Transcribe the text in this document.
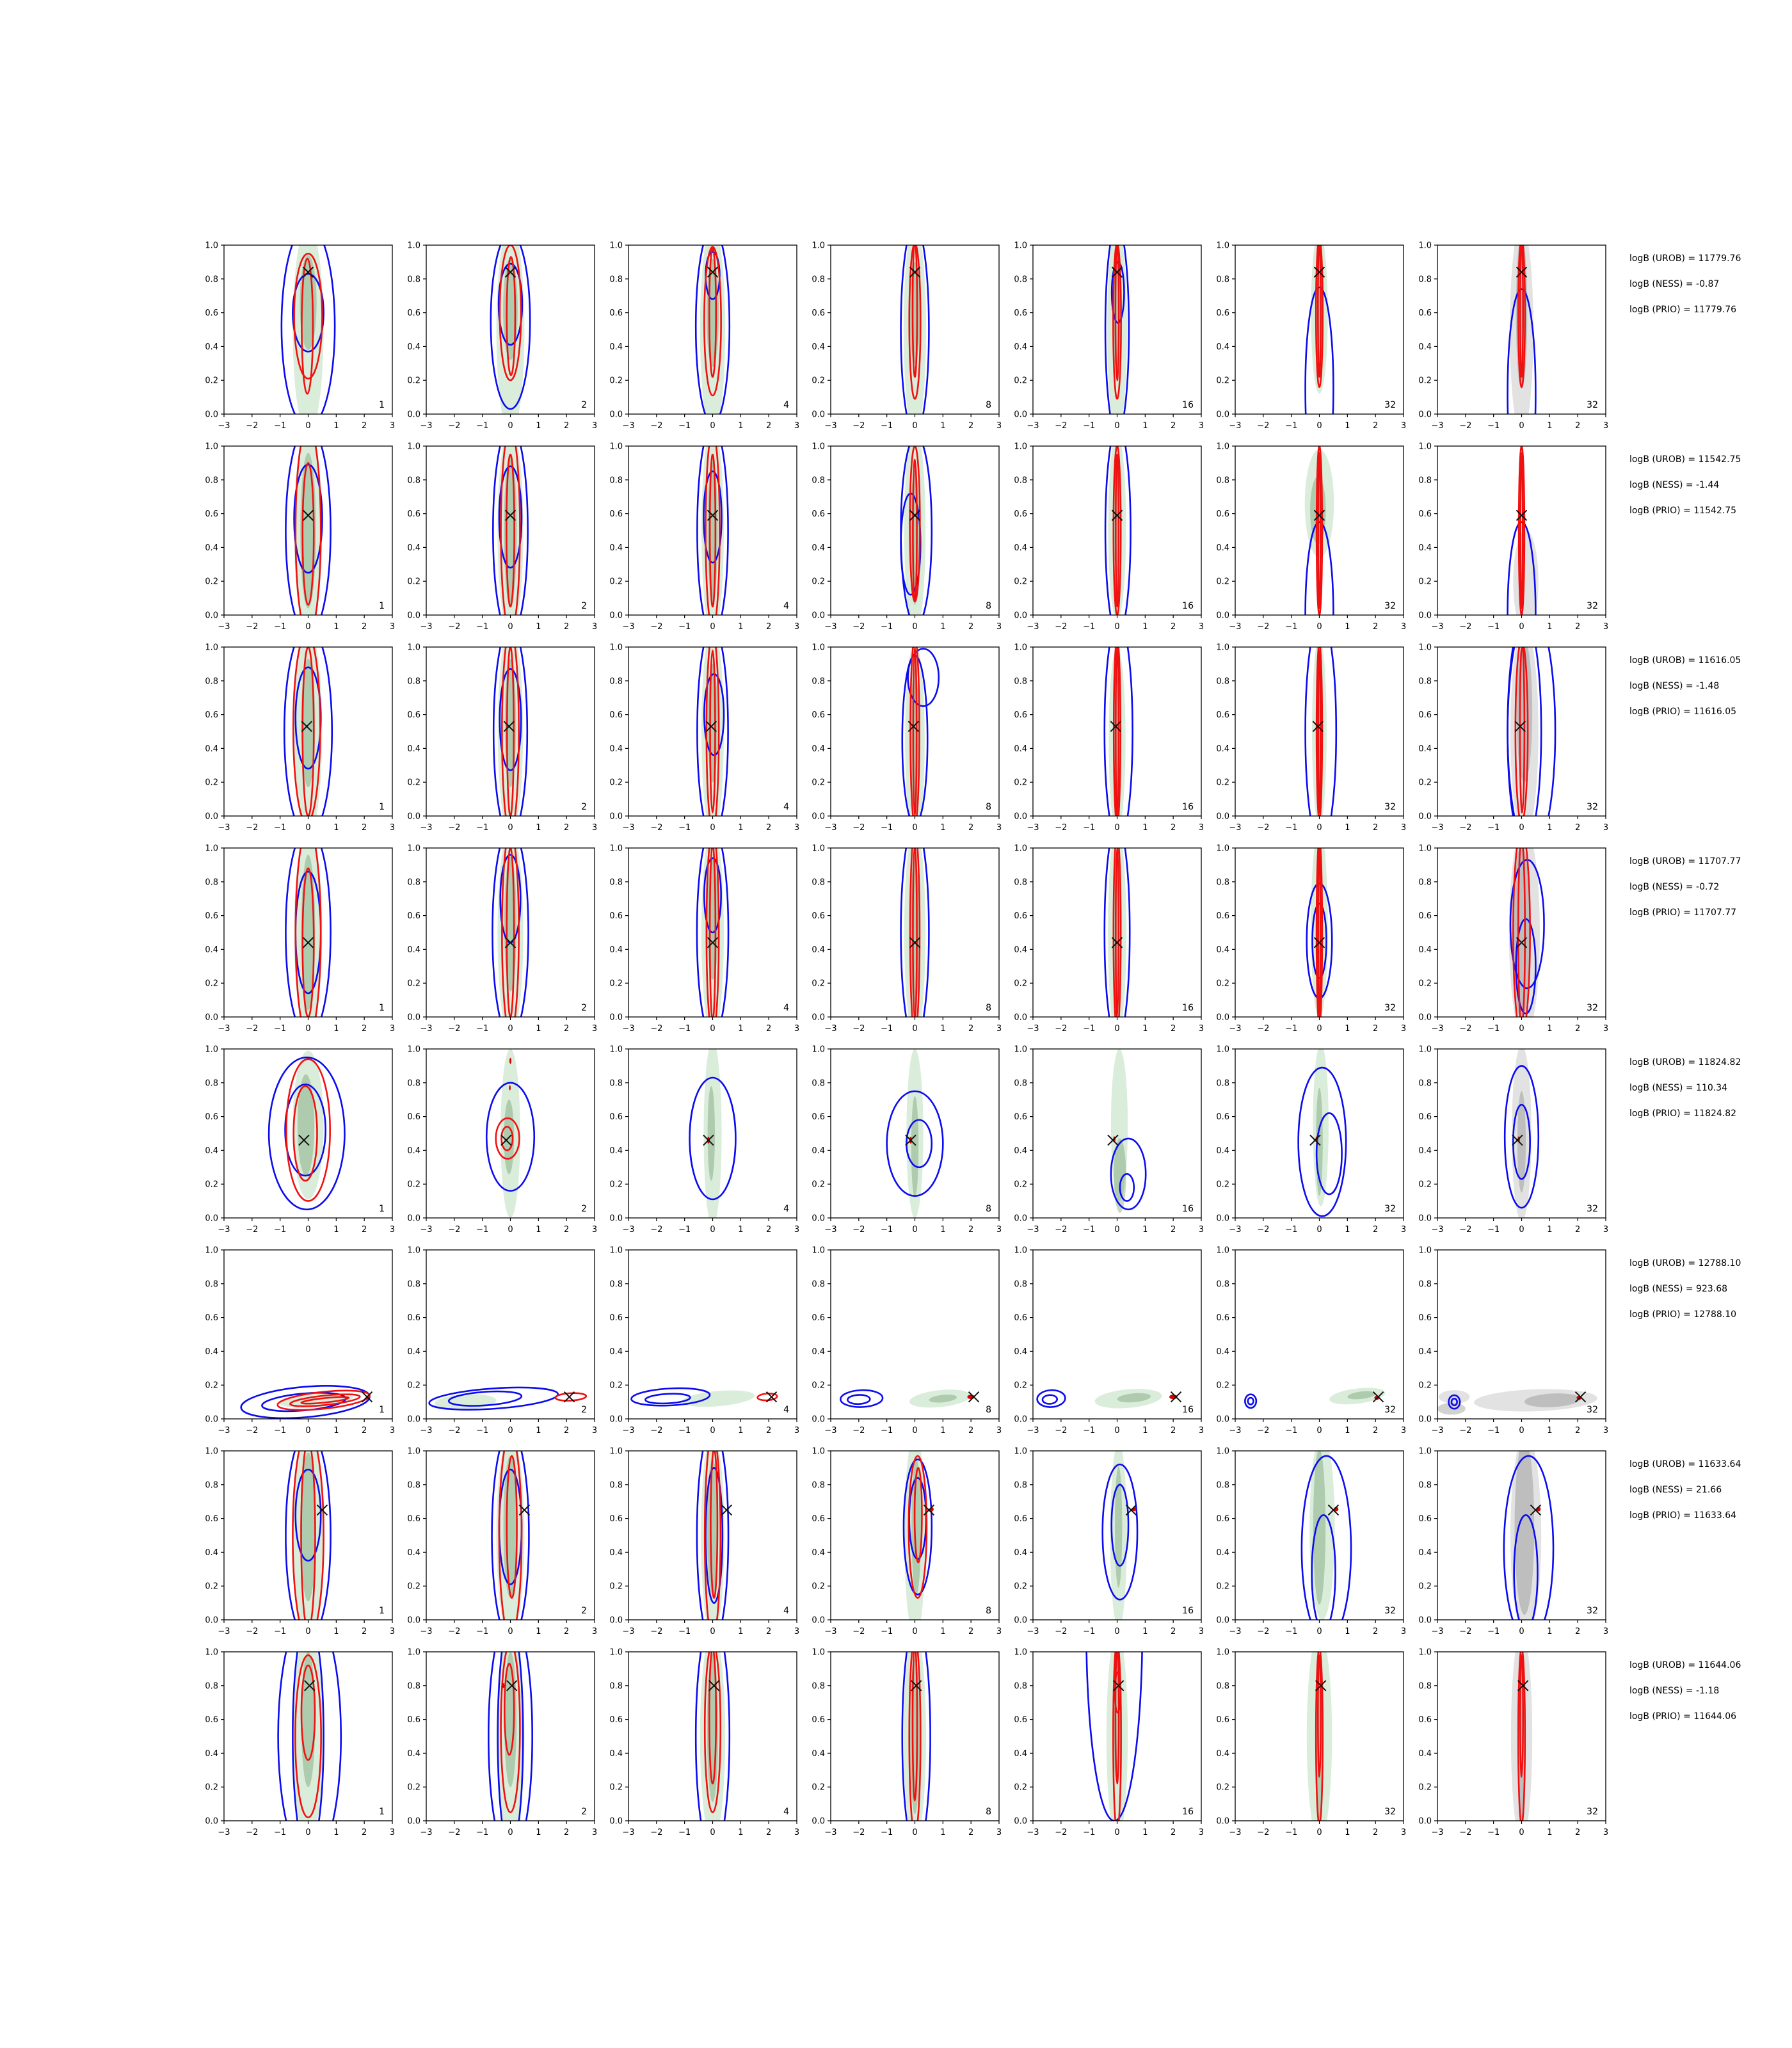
−3 −2 −1 0	1	2	3
0.0
0.2
0.4
0.6
0.8
1.0
1
−3 −2 −1 0	1	2	3
0.0
0.2
0.4
0.6
0.8
1.0
2
−3 −2 −1 0	1	2	3
0.0
0.2
0.4
0.6
0.8
1.0
4
−3 −2 −1 0	1	2	3
0.0
0.2
0.4
0.6
0.8
1.0
8
−3 −2 −1 0	1	2	3
0.0
0.2
0.4
0.6
0.8
1.0
16
−3 −2 −1 0	1	2	3
0.0
0.2
0.4
0.6
0.8
1.0
32
−3 −2 −1 0	1	2	3
0.0
0.2
0.4
0.6
0.8
1.0
32
−3 −2 −1 0	1	2	3
0.0
0.2
0.4
0.6
0.8
1.0
1
−3 −2 −1 0	1	2	3
0.0
0.2
0.4
0.6
0.8
1.0
2
−3 −2 −1 0	1	2	3
0.0
0.2
0.4
0.6
0.8
1.0
4
−3 −2 −1 0	1	2	3
0.0
0.2
0.4
0.6
0.8
1.0
8
−3 −2 −1 0	1	2	3
0.0
0.2
0.4
0.6
0.8
1.0
16
−3 −2 −1 0	1	2	3
0.0
0.2
0.4
0.6
0.8
1.0
32
−3 −2 −1 0	1	2	3
0.0
0.2
0.4
0.6
0.8
1.0
32
−3 −2 −1 0	1	2	3
0.0
0.2
0.4
0.6
0.8
1.0
1
−3 −2 −1 0	1	2	3
0.0
0.2
0.4
0.6
0.8
1.0
2
−3 −2 −1 0	1	2	3
0.0
0.2
0.4
0.6
0.8
1.0
4
−3 −2 −1 0	1	2	3
0.0
0.2
0.4
0.6
0.8
1.0
8
−3 −2 −1 0	1	2	3
0.0
0.2
0.4
0.6
0.8
1.0
16
−3 −2 −1 0	1	2	3
0.0
0.2
0.4
0.6
0.8
1.0
32
−3 −2 −1 0	1	2	3
0.0
0.2
0.4
0.6
0.8
1.0
32
−3 −2 −1 0	1	2	3
0.0
0.2
0.4
0.6
0.8
1.0
1
−3 −2 −1 0	1	2	3
0.0
0.2
0.4
0.6
0.8
1.0
2
−3 −2 −1 0	1	2	3
0.0
0.2
0.4
0.6
0.8
1.0
4
−3 −2 −1 0	1	2	3
0.0
0.2
0.4
0.6
0.8
1.0
8
−3 −2 −1 0	1	2	3
0.0
0.2
0.4
0.6
0.8
1.0
16
−3 −2 −1 0	1	2	3
0.0
0.2
0.4
0.6
0.8
1.0
32
−3 −2 −1 0	1	2	3
0.0
0.2
0.4
0.6
0.8
1.0
32
−3 −2 −1 0	1	2	3
0.0
0.2
0.4
0.6
0.8
1.0
1
−3 −2 −1 0	1	2	3
0.0
0.2
0.4
0.6
0.8
1.0
2
−3 −2 −1 0	1	2	3
0.0
0.2
0.4
0.6
0.8
1.0
4
−3 −2 −1 0	1	2	3
0.0
0.2
0.4
0.6
0.8
1.0
8
−3 −2 −1 0	1	2	3
0.0
0.2
0.4
0.6
0.8
1.0
16
−3 −2 −1 0	1	2	3
0.0
0.2
0.4
0.6
0.8
1.0
32
−3 −2 −1 0	1	2	3
0.0
0.2
0.4
0.6
0.8
1.0
32
−3 −2 −1 0	1	2	3
0.0
0.2
0.4
0.6
0.8
1.0
1
−3 −2 −1 0	1	2	3
0.0
0.2
0.4
0.6
0.8
1.0
2
−3 −2 −1 0	1	2	3
0.0
0.2
0.4
0.6
0.8
1.0
4
−3 −2 −1 0	1	2	3
0.0
0.2
0.4
0.6
0.8
1.0
8
−3 −2 −1 0	1	2	3
0.0
0.2
0.4
0.6
0.8
1.0
16
−3 −2 −1 0	1	2	3
0.0
0.2
0.4
0.6
0.8
1.0
32
−3 −2 −1 0	1	2	3
0.0
0.2
0.4
0.6
0.8
1.0
32
−3 −2 −1 0	1	2	3
0.0
0.2
0.4
0.6
0.8
1.0
1
−3 −2 −1 0	1	2	3
0.0
0.2
0.4
0.6
0.8
1.0
2
−3 −2 −1 0	1	2	3
0.0
0.2
0.4
0.6
0.8
1.0
4
−3 −2 −1 0	1	2	3
0.0
0.2
0.4
0.6
0.8
1.0
8
−3 −2 −1 0	1	2	3
0.0
0.2
0.4
0.6
0.8
1.0
16
−3 −2 −1 0	1	2	3
0.0
0.2
0.4
0.6
0.8
1.0
32
−3 −2 −1 0	1	2	3
0.0
0.2
0.4
0.6
0.8
1.0
32
−3 −2 −1 0	1	2	3
0.0
0.2
0.4
0.6
0.8
1.0
1
−3 −2 −1 0	1	2	3
0.0
0.2
0.4
0.6
0.8
1.0
2
−3 −2 −1 0	1	2	3
0.0
0.2
0.4
0.6
0.8
1.0
4
−3 −2 −1 0	1	2	3
0.0
0.2
0.4
0.6
0.8
1.0
8
−3 −2 −1 0	1	2	3
0.0
0.2
0.4
0.6
0.8
1.0
16
−3 −2 −1 0	1	2	3
0.0
0.2
0.4
0.6
0.8
1.0
32
−3 −2 −1 0	1	2	3
0.0
0.2
0.4
0.6
0.8
1.0
32
logB (UROB) = 11779.76
logB (NESS) = -0.87
logB (PRIO) = 11779.76
logB (UROB) = 11542.75
logB (NESS) = -1.44
logB (PRIO) = 11542.75
logB (UROB) = 11616.05
logB (NESS) = -1.48
logB (PRIO) = 11616.05
logB (UROB) = 11707.77
logB (NESS) = -0.72
logB (PRIO) = 11707.77
logB (UROB) = 11824.82
logB (NESS) = 110.34
logB (PRIO) = 11824.82
logB (UROB) = 12788.10
logB (NESS) = 923.68
logB (PRIO) = 12788.10
logB (UROB) = 11633.64
logB (NESS) = 21.66
logB (PRIO) = 11633.64
logB (UROB) = 11644.06
logB (NESS) = -1.18
logB (PRIO) = 11644.06
